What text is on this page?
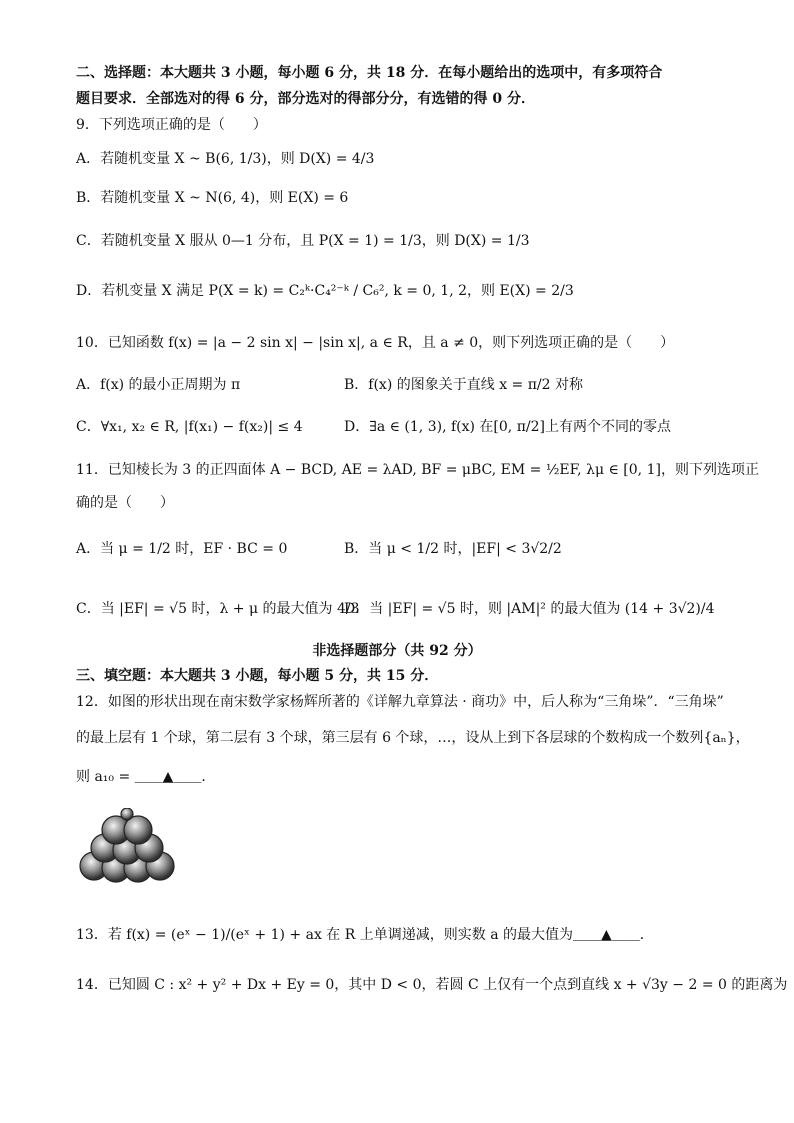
二、选择题：本大题共 3 小题，每小题 6 分，共 18 分．在每小题给出的选项中，有多项符合
题目要求．全部选对的得 6 分，部分选对的得部分分，有选错的得 0 分．
9．下列选项正确的是（　　）
A．若随机变量 X ~ B(6, 1/3)，则 D(X) = 4/3
B．若随机变量 X ~ N(6, 4)，则 E(X) = 6
C．若随机变量 X 服从 0—1 分布，且 P(X = 1) = 1/3，则 D(X) = 1/3
D．若机变量 X 满足 P(X = k) = C₂ᵏ·C₄²⁻ᵏ / C₆², k = 0, 1, 2，则 E(X) = 2/3
10．已知函数 f(x) = |a − 2 sin x| − |sin x|, a ∈ R，且 a ≠ 0，则下列选项正确的是（　　）
A．f(x) 的最小正周期为 π	B．f(x) 的图象关于直线 x = π/2 对称
C．∀x₁, x₂ ∈ R, |f(x₁) − f(x₂)| ≤ 4	D．∃a ∈ (1, 3), f(x) 在[0, π/2]上有两个不同的零点
11．已知棱长为 3 的正四面体 A − BCD, AE = λAD, BF = μBC, EM = ½EF, λμ ∈ [0, 1]，则下列选项正
确的是（　　）
A．当 μ = 1/2 时，EF · BC = 0	B．当 μ < 1/2 时，|EF| < 3√2/2
C．当 |EF| = √5 时，λ + μ 的最大值为 4/3
D．当 |EF| = √5 时，则 |AM|² 的最大值为 (14 + 3√2)/4
非选择题部分（共 92 分）
三、填空题：本大题共 3 小题，每小题 5 分，共 15 分．
12．如图的形状出现在南宋数学家杨辉所著的《详解九章算法 · 商功》中，后人称为“三角垛”．“三角垛”
的最上层有 1 个球，第二层有 3 个球，第三层有 6 个球，…，设从上到下各层球的个数构成一个数列{aₙ}，
则 a₁₀ = ＿＿▲＿＿．
13．若 f(x) = (eˣ − 1)/(eˣ + 1) + ax 在 R 上单调递减，则实数 a 的最大值为＿＿▲＿＿．
14．已知圆 C : x² + y² + Dx + Ey = 0，其中 D < 0，若圆 C 上仅有一个点到直线 x + √3y − 2 = 0 的距离为
